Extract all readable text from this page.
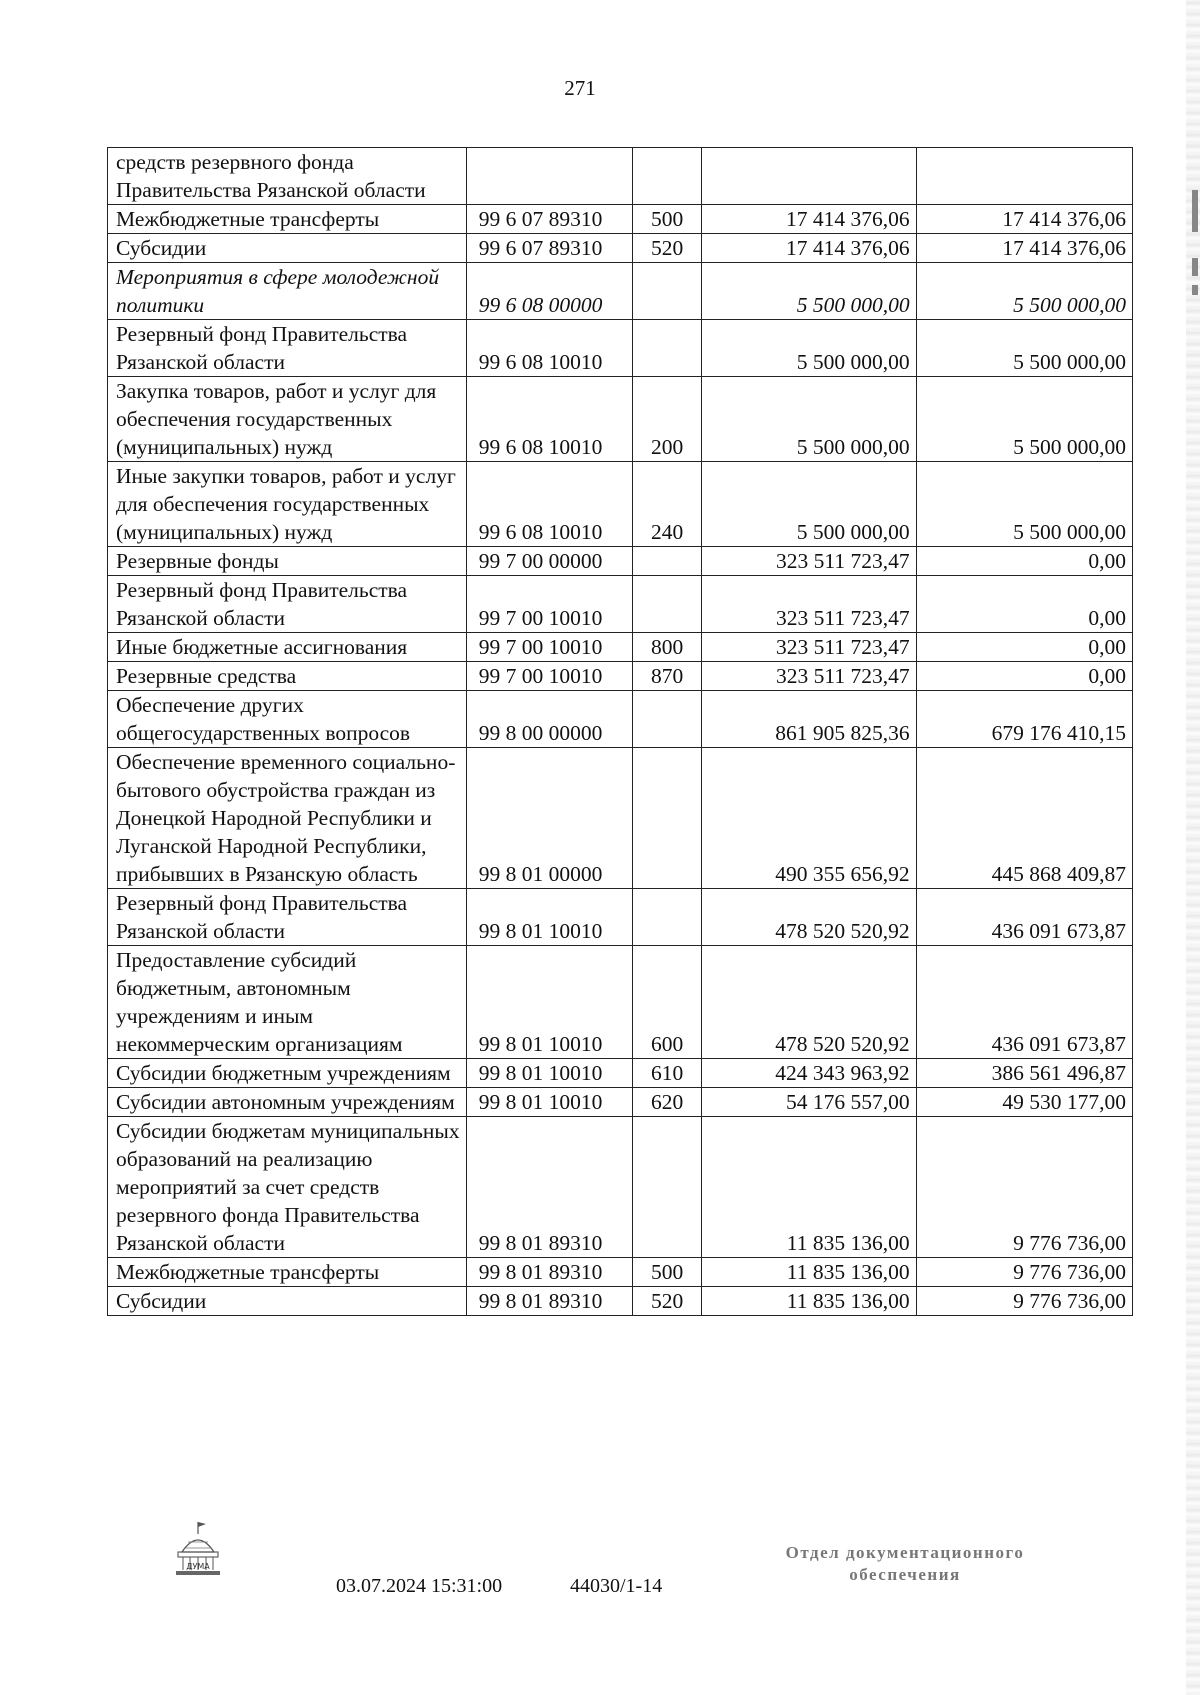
271
средств резервного фонда Правительства Рязанской области				
Межбюджетные трансферты	99 6 07 89310	500	17 414 376,06	17 414 376,06
Субсидии	99 6 07 89310	520	17 414 376,06	17 414 376,06
Мероприятия в сфере молодежной политики	99 6 08 00000		5 500 000,00	5 500 000,00
Резервный фонд Правительства Рязанской области	99 6 08 10010		5 500 000,00	5 500 000,00
Закупка товаров, работ и услуг для обеспечения государственных (муниципальных) нужд	99 6 08 10010	200	5 500 000,00	5 500 000,00
Иные закупки товаров, работ и услуг для обеспечения государственных (муниципальных) нужд	99 6 08 10010	240	5 500 000,00	5 500 000,00
Резервные фонды	99 7 00 00000		323 511 723,47	0,00
Резервный фонд Правительства Рязанской области	99 7 00 10010		323 511 723,47	0,00
Иные бюджетные ассигнования	99 7 00 10010	800	323 511 723,47	0,00
Резервные средства	99 7 00 10010	870	323 511 723,47	0,00
Обеспечение других общегосударственных вопросов	99 8 00 00000		861 905 825,36	679 176 410,15
Обеспечение временного социально-бытового обустройства граждан из Донецкой Народной Республики и Луганской Народной Республики, прибывших в Рязанскую область	99 8 01 00000		490 355 656,92	445 868 409,87
Резервный фонд Правительства Рязанской области	99 8 01 10010		478 520 520,92	436 091 673,87
Предоставление субсидий бюджетным, автономным учреждениям и иным некоммерческим организациям	99 8 01 10010	600	478 520 520,92	436 091 673,87
Субсидии бюджетным учреждениям	99 8 01 10010	610	424 343 963,92	386 561 496,87
Субсидии автономным учреждениям	99 8 01 10010	620	54 176 557,00	49 530 177,00
Субсидии бюджетам муниципальных образований на реализацию мероприятий за счет средств резервного фонда Правительства Рязанской области	99 8 01 89310		11 835 136,00	9 776 736,00
Межбюджетные трансферты	99 8 01 89310	500	11 835 136,00	9 776 736,00
Субсидии	99 8 01 89310	520	11 835 136,00	9 776 736,00
ДУМА
03.07.2024 15:31:00	44030/1-14
Отдел документационного
обеспечения
